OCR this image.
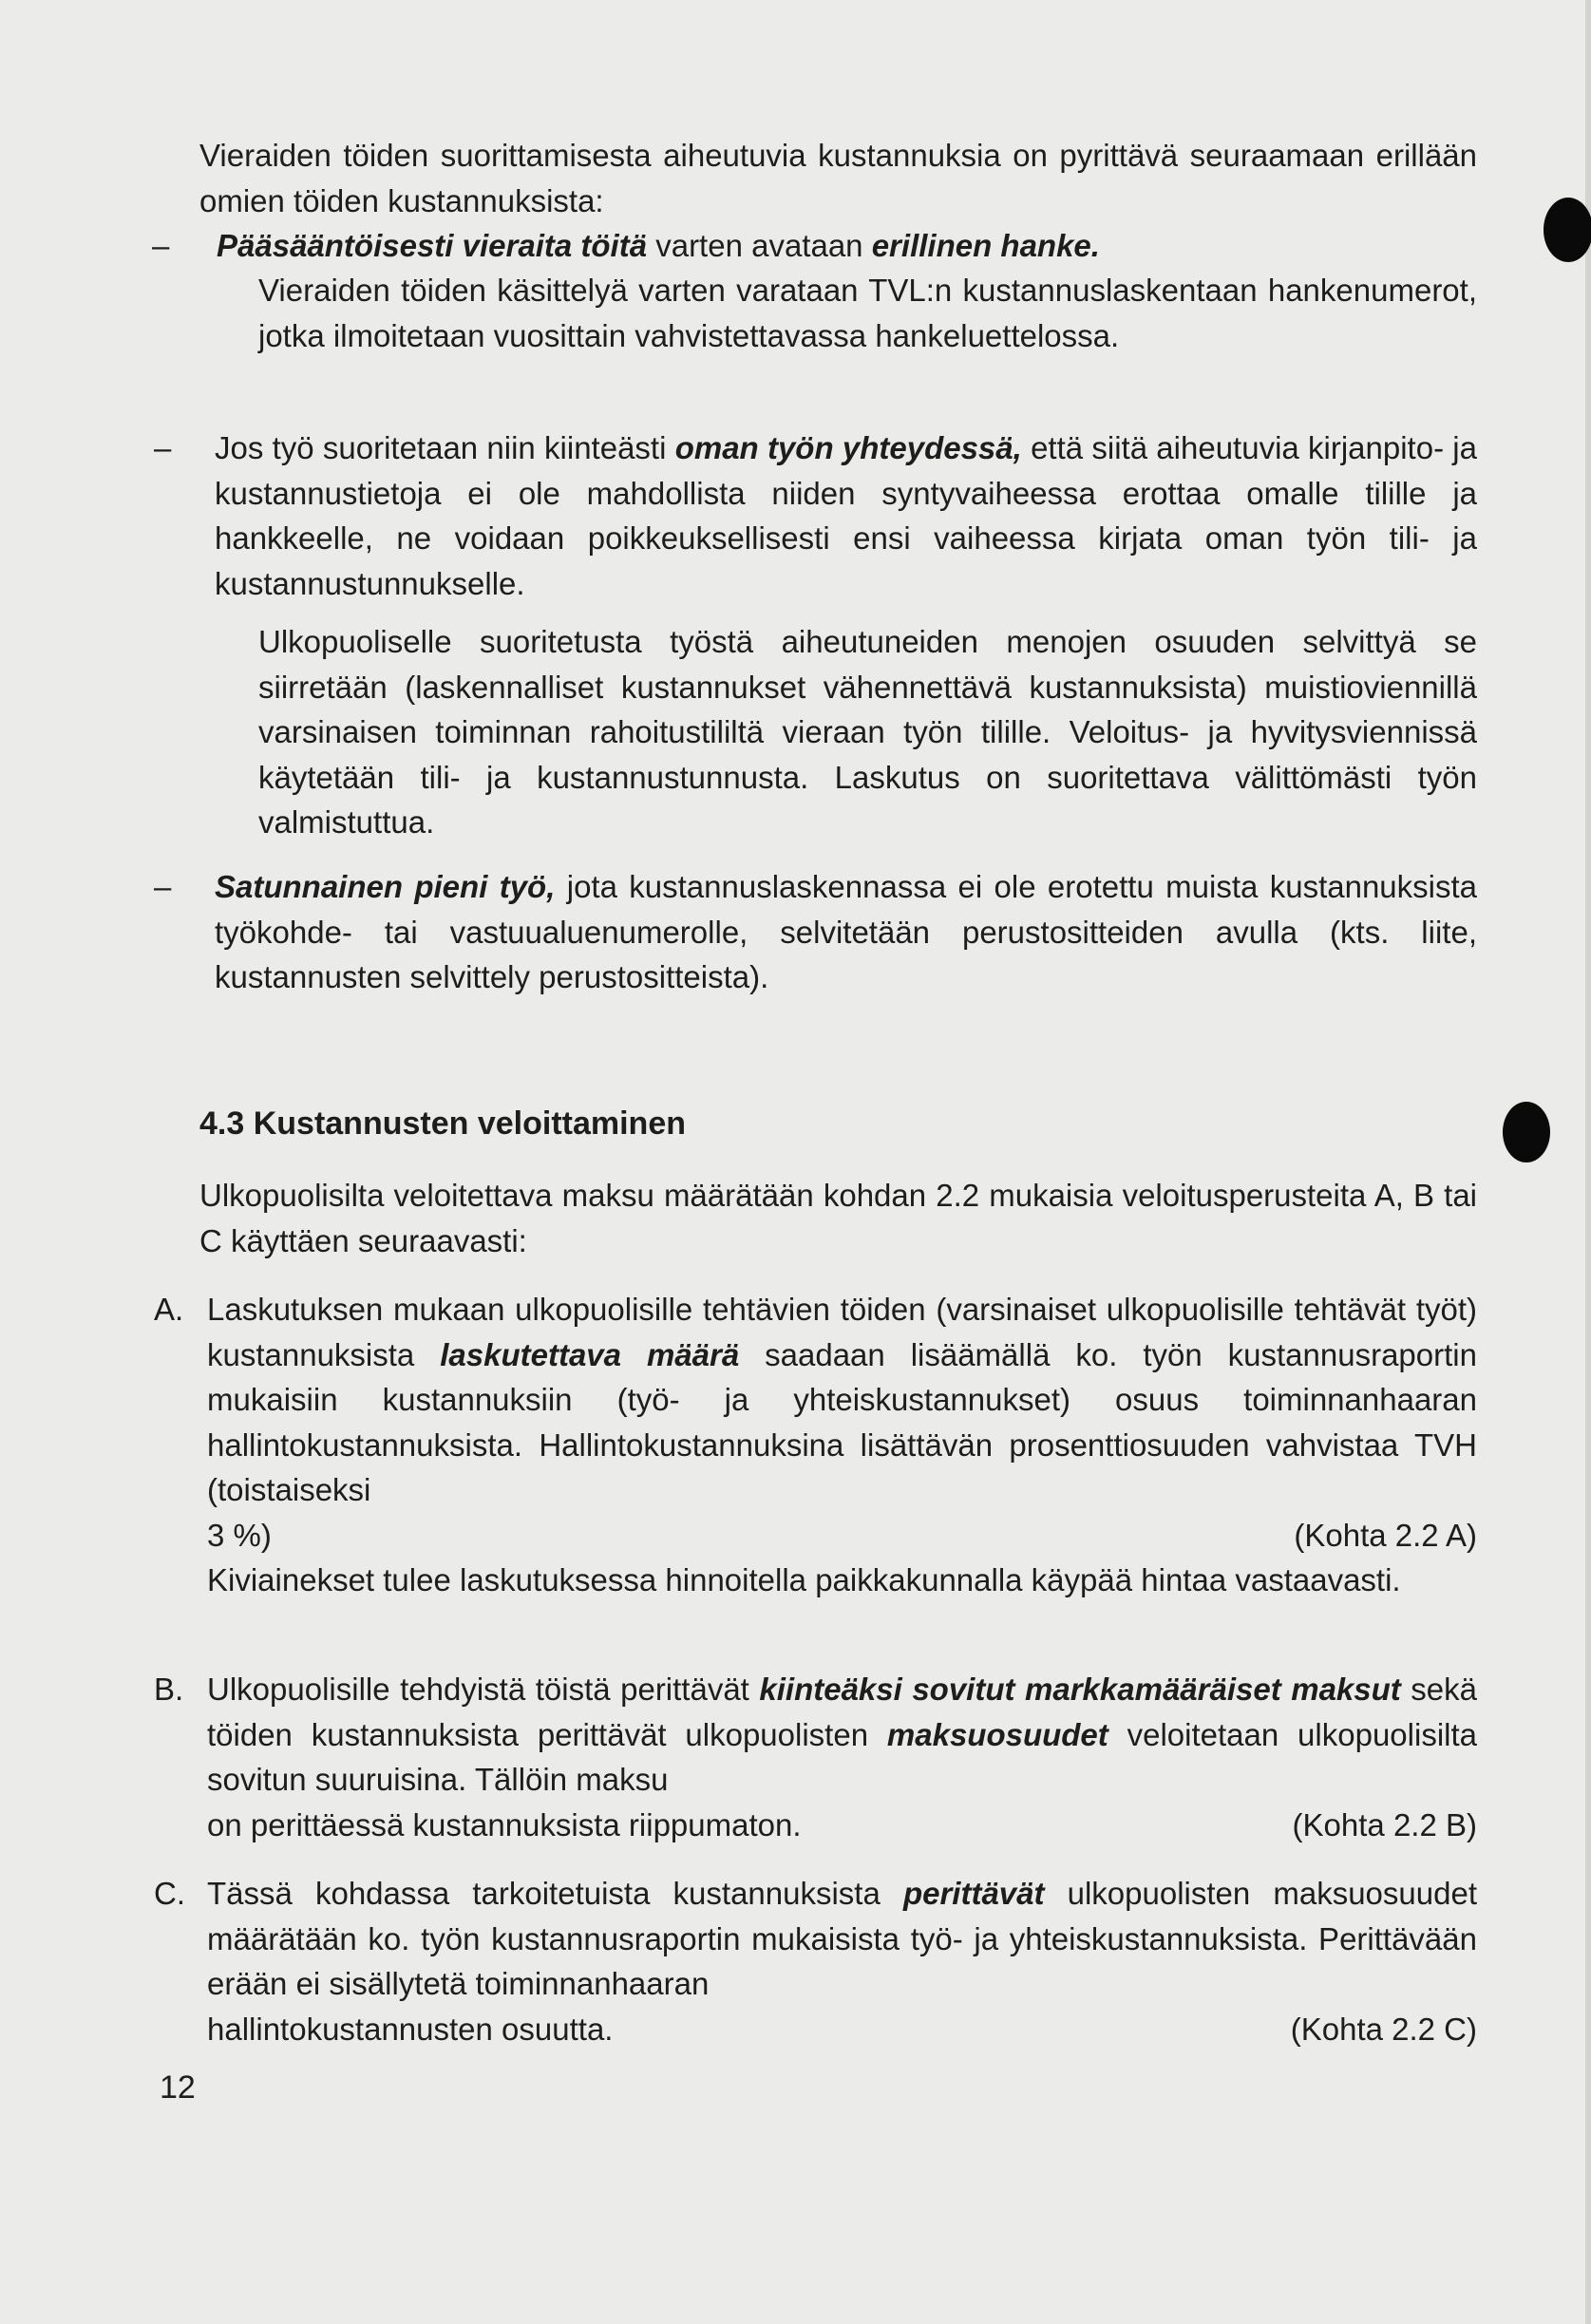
Vieraiden töiden suorittamisesta aiheutuvia kustannuksia on pyrittävä seuraamaan erillään omien töiden kustannuksista:
–	Pääsääntöisesti vieraita töitä varten avataan erillinen hanke.
Vieraiden töiden käsittelyä varten varataan TVL:n kustannuslaskentaan hankenumerot, jotka ilmoitetaan vuosittain vahvistettavassa hankeluettelossa.
–	Jos työ suoritetaan niin kiinteästi oman työn yhteydessä, että siitä aiheutuvia kirjanpito- ja kustannustietoja ei ole mahdollista niiden syntyvaiheessa erottaa omalle tilille ja hankkeelle, ne voidaan poikkeuksellisesti ensi vaiheessa kirjata oman työn tili- ja kustannustunnukselle.
Ulkopuoliselle suoritetusta työstä aiheutuneiden menojen osuuden selvittyä se siirretään (laskennalliset kustannukset vähennettävä kustannuksista) muistioviennillä varsinaisen toiminnan rahoitustililtä vieraan työn tilille. Veloitus- ja hyvitysviennissä käytetään tili- ja kustannustunnusta. Laskutus on suoritettava välittömästi työn valmistuttua.
–	Satunnainen pieni työ, jota kustannuslaskennassa ei ole erotettu muista kustannuksista työkohde- tai vastuualuenumerolle, selvitetään perustositteiden avulla (kts. liite, kustannusten selvittely perustositteista).
4.3 Kustannusten veloittaminen
Ulkopuolisilta veloitettava maksu määrätään kohdan 2.2 mukaisia veloitusperusteita A, B tai C käyttäen seuraavasti:
A. Laskutuksen mukaan ulkopuolisille tehtävien töiden (varsinaiset ulkopuolisille tehtävät työt) kustannuksista laskutettava määrä saadaan lisäämällä ko. työn kustannusraportin mukaisiin kustannuksiin (työ- ja yhteiskustannukset) osuus toiminnanhaaran hallintokustannuksista. Hallintokustannuksina lisättävän prosenttiosuuden vahvistaa TVH (toistaiseksi
3 %)	(Kohta 2.2 A)
Kiviainekset tulee laskutuksessa hinnoitella paikkakunnalla käypää hintaa vastaavasti.
B. Ulkopuolisille tehdyistä töistä perittävät kiinteäksi sovitut markkamääräiset maksut sekä töiden kustannuksista perittävät ulkopuolisten maksuosuudet veloitetaan ulkopuolisilta sovitun suuruisina. Tällöin maksu
on perittäessä kustannuksista riippumaton.	(Kohta 2.2 B)
C. Tässä kohdassa tarkoitetuista kustannuksista perittävät ulkopuolisten maksuosuudet määrätään ko. työn kustannusraportin mukaisista työ- ja yhteiskustannuksista. Perittävään erään ei sisällytetä toiminnanhaaran
hallintokustannusten osuutta.	(Kohta 2.2 C)
12
